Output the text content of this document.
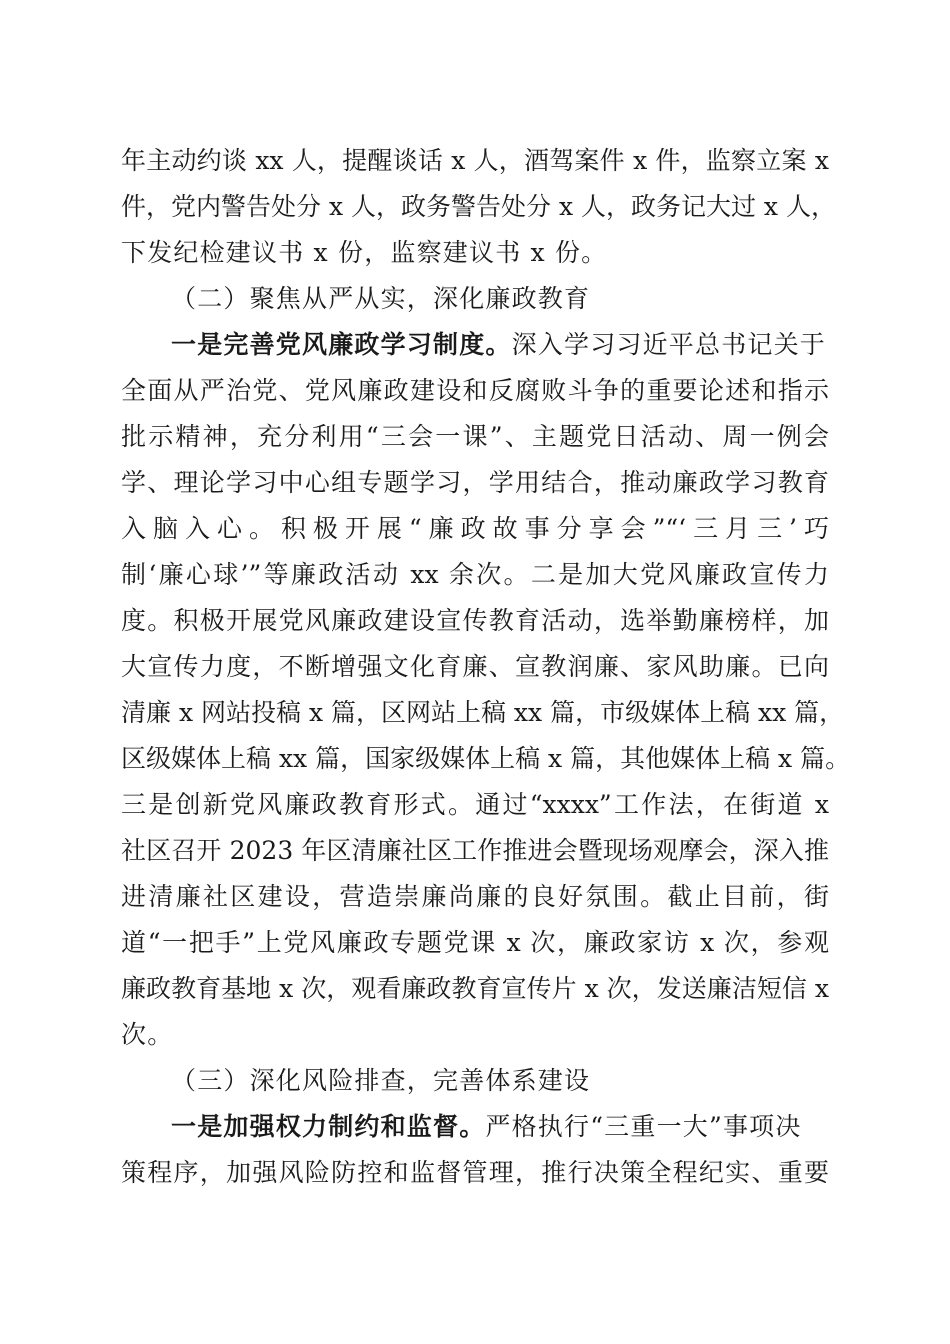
年主动约谈 xx 人，提醒谈话 x 人，酒驾案件 x 件，监察立案 x
件，党内警告处分 x 人，政务警告处分 x 人，政务记大过 x 人，
下发纪检建议书 x 份，监察建议书 x 份。
（二）聚焦从严从实，深化廉政教育
一是完善党风廉政学习制度。深入学习习近平总书记关于
全面从严治党、党风廉政建设和反腐败斗争的重要论述和指示
批示精神，充分利用“三会一课”、主题党日活动、周一例会
学、理论学习中心组专题学习，学用结合，推动廉政学习教育
入脑入心。积极开展“廉政故事分享会”“‘三月三’巧
制‘廉心球’”等廉政活动 xx 余次。二是加大党风廉政宣传力
度。积极开展党风廉政建设宣传教育活动，选举勤廉榜样，加
大宣传力度，不断增强文化育廉、宣教润廉、家风助廉。已向
清廉 x 网站投稿 x 篇，区网站上稿 xx 篇，市级媒体上稿 xx 篇，
区级媒体上稿 xx 篇，国家级媒体上稿 x 篇，其他媒体上稿 x 篇。
三是创新党风廉政教育形式。通过“xxxx”工作法，在街道 x
社区召开 2023 年区清廉社区工作推进会暨现场观摩会，深入推
进清廉社区建设，营造崇廉尚廉的良好氛围。截止目前，街
道“一把手”上党风廉政专题党课 x 次，廉政家访 x 次，参观
廉政教育基地 x 次，观看廉政教育宣传片 x 次，发送廉洁短信 x
次。
（三）深化风险排查，完善体系建设
一是加强权力制约和监督。严格执行“三重一大”事项决
策程序，加强风险防控和监督管理，推行决策全程纪实、重要
